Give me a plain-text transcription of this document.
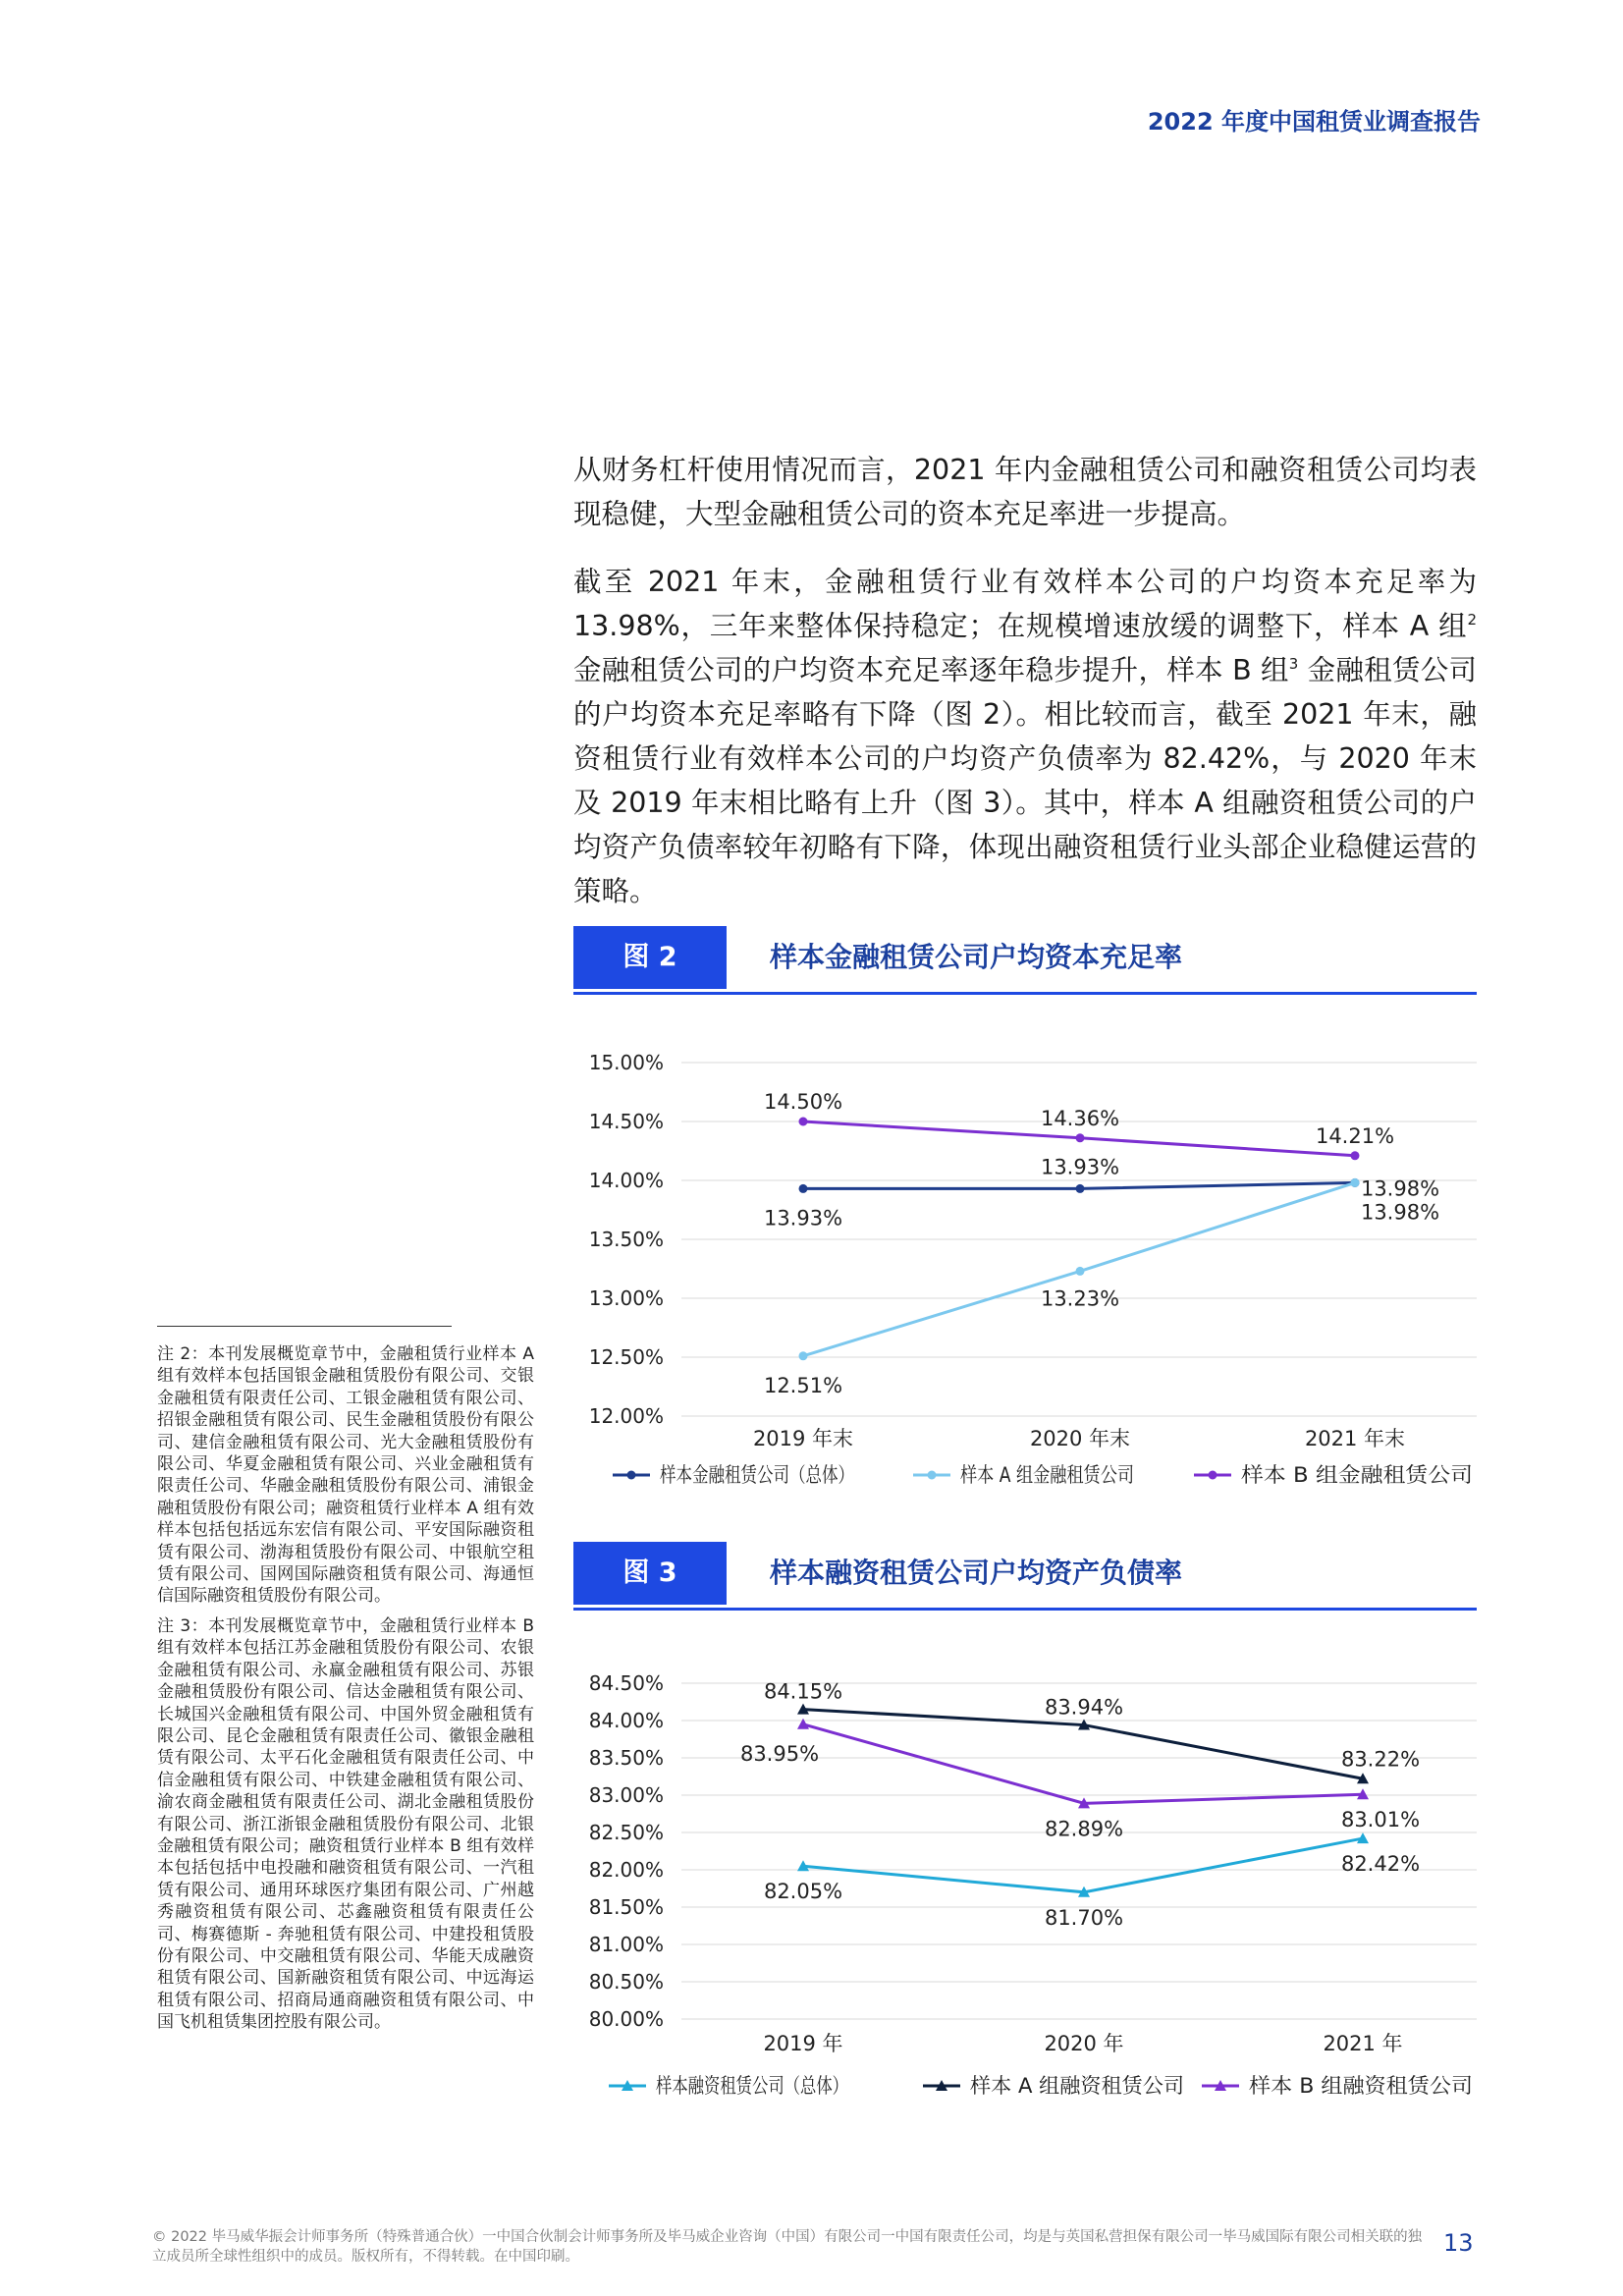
2022 年度中国租赁业调查报告

从财务杠杆使用情况而言，2021 年内金融租赁公司和融资租赁公司均表现稳健，大型金融租赁公司的资本充足率进一步提高。

截至 2021 年末，金融租赁行业有效样本公司的户均资本充足率为 13.98%，三年来整体保持稳定；在规模增速放缓的调整下，样本 A 组$^2$ 金融租赁公司的户均资本充足率逐年稳步提升，样本 B 组$^3$ 金融租赁公司的户均资本充足率略有下降（图 2）。相比较而言，截至 2021 年末，融资租赁行业有效样本公司的户均资产负债率为 82.42%，与 2020 年末及 2019 年末相比略有上升（图 3）。其中，样本 A 组融资租赁公司的户均资产负债率较年初略有下降，体现出融资租赁行业头部企业稳健运营的策略。

图 2	样本金融租赁公司户均资本充足率
15.00%
14.50%
14.00%
13.50%
13.00%
12.50%
12.00%
2019 年末	2020 年末	2021 年末
13.93%
13.93%
13.98%
样本金融租赁公司（总体）
12.51%
13.23%
13.98%
样本 A 组金融租赁公司
14.50%
14.36%
14.21%
样本 B 组金融租赁公司
图 3	样本融资租赁公司户均资产负债率
84.50%
84.00%
83.50%
83.00%
82.50%
82.00%
81.50%
81.00%
80.50%
80.00%
2019 年	2020 年	2021 年
82.05%
81.70%
82.42%
样本融资租赁公司（总体）
84.15%
83.94%
83.22%
样本 A 组融资租赁公司
83.95%
82.89%	83.01%
样本 B 组融资租赁公司

注 2：本刊发展概览章节中，金融租赁行业样本 A 组有效样本包括国银金融租赁股份有限公司、交银金融租赁有限责任公司、工银金融租赁有限公司、招银金融租赁有限公司、民生金融租赁股份有限公司、建信金融租赁有限公司、光大金融租赁股份有限公司、华夏金融租赁有限公司、兴业金融租赁有限责任公司、华融金融租赁股份有限公司、浦银金融租赁股份有限公司；融资租赁行业样本 A 组有效样本包括包括远东宏信有限公司、平安国际融资租赁有限公司、渤海租赁股份有限公司、中银航空租赁有限公司、国网国际融资租赁有限公司、海通恒信国际融资租赁股份有限公司。

注 3：本刊发展概览章节中，金融租赁行业样本 B 组有效样本包括江苏金融租赁股份有限公司、农银金融租赁有限公司、永赢金融租赁有限公司、苏银金融租赁股份有限公司、信达金融租赁有限公司、长城国兴金融租赁有限公司、中国外贸金融租赁有限公司、昆仑金融租赁有限责任公司、徽银金融租赁有限公司、太平石化金融租赁有限责任公司、中信金融租赁有限公司、中铁建金融租赁有限公司、渝农商金融租赁有限责任公司、湖北金融租赁股份有限公司、浙江浙银金融租赁股份有限公司、北银金融租赁有限公司；融资租赁行业样本 B 组有效样本包括包括中电投融和融资租赁有限公司、一汽租赁有限公司、通用环球医疗集团有限公司、广州越秀融资租赁有限公司、芯鑫融资租赁有限责任公司、梅赛德斯 - 奔驰租赁有限公司、中建投租赁股份有限公司、中交融租赁有限公司、华能天成融资租赁有限公司、国新融资租赁有限公司、中远海运租赁有限公司、招商局通商融资租赁有限公司、中国飞机租赁集团控股有限公司。

© 2022 毕马威华振会计师事务所（特殊普通合伙）一中国合伙制会计师事务所及毕马威企业咨询（中国）有限公司一中国有限责任公司，均是与英国私营担保有限公司一毕马威国际有限公司相关联的独立成员所全球性组织中的成员。版权所有，不得转载。在中国印刷。	13
